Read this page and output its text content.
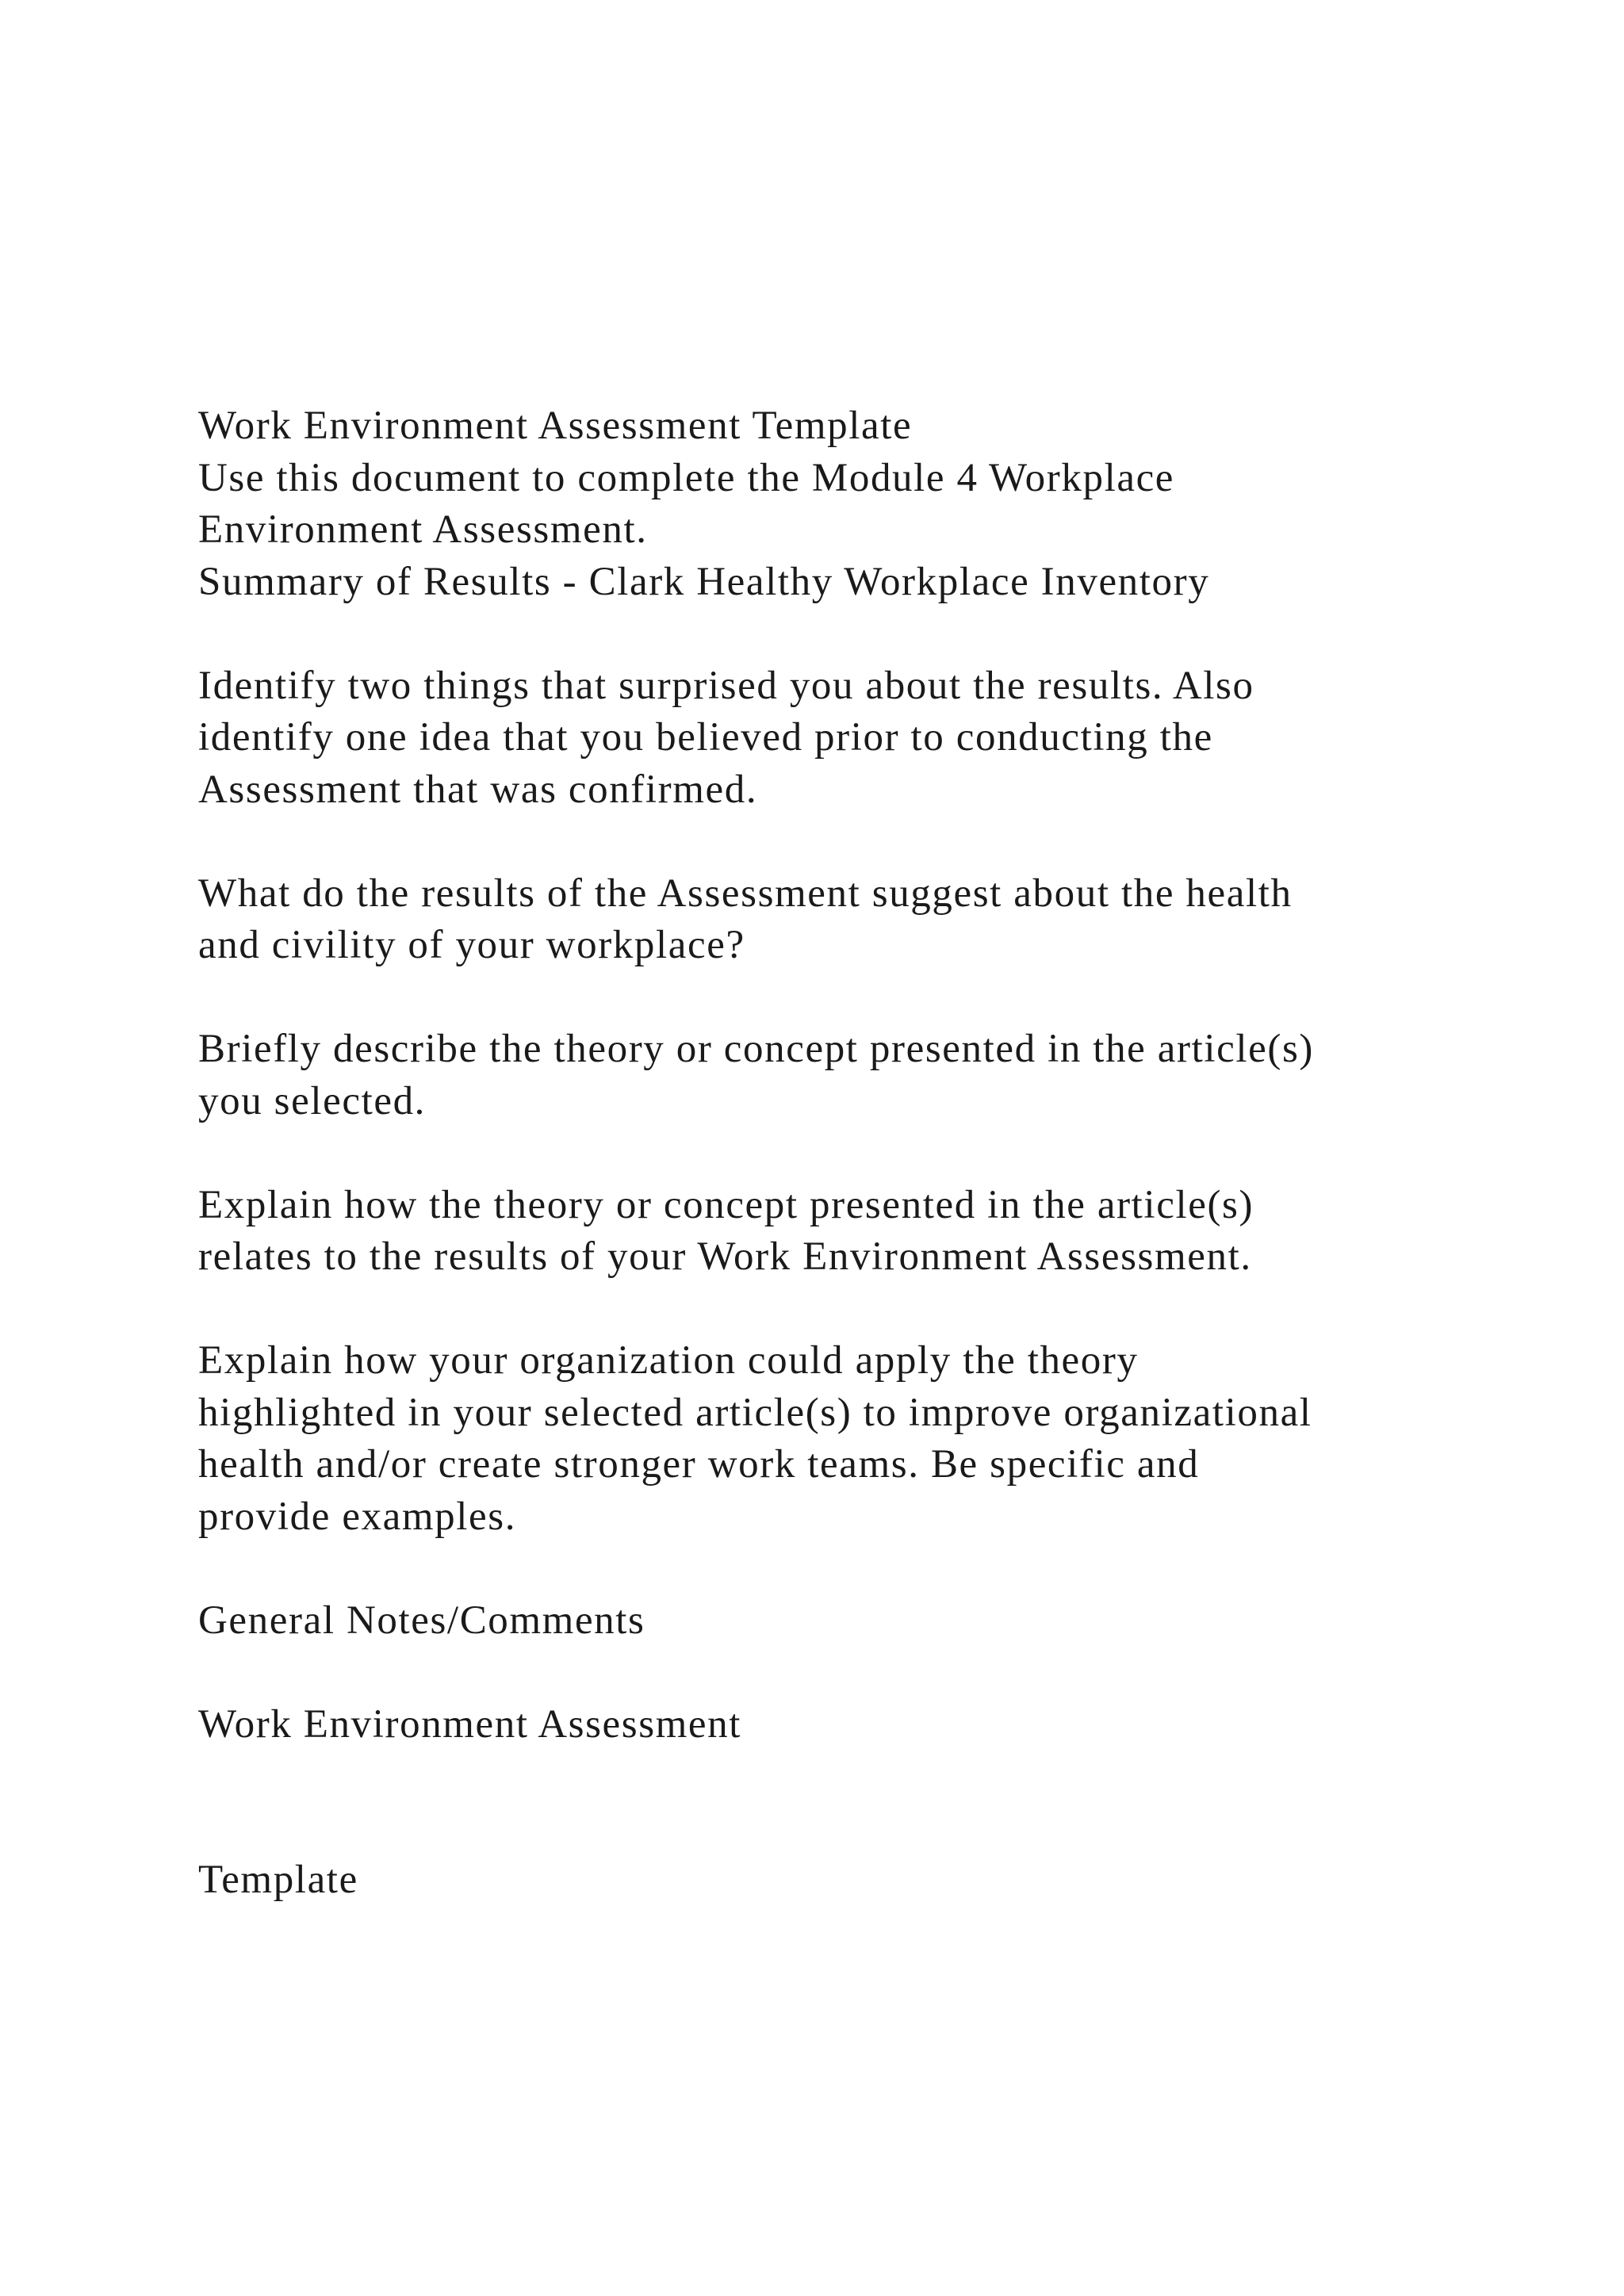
Work Environment Assessment Template
Use this document to complete the Module 4 Workplace
Environment Assessment.
Summary of Results - Clark Healthy Workplace Inventory
Identify two things that surprised you about the results. Also
identify one idea that you believed prior to conducting the
Assessment that was confirmed.
What do the results of the Assessment suggest about the health
and civility of your workplace?
Briefly describe the theory or concept presented in the article(s)
you selected.
Explain how the theory or concept presented in the article(s)
relates to the results of your Work Environment Assessment.
Explain how your organization could apply the theory
highlighted in your selected article(s) to improve organizational
health and/or create stronger work teams. Be specific and
provide examples.
General Notes/Comments
Work Environment Assessment
Template
